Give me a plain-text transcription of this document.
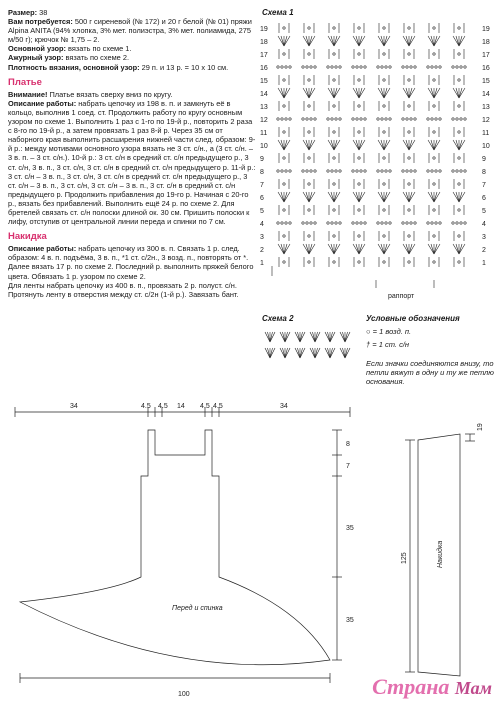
Размер: 38

Вам потребуется: 500 г сиреневой (№ 172) и 20 г белой (№ 01) пряжи Alpina ANITA (94% хлопка, 3% мет. полиэстра, 3% мет. полиамида, 275 м/50 г); крючок № 1,75 – 2.

Основной узор: вязать по схеме 1.

Ажурный узор: вязать по схеме 2.

Плотность вязания, основной узор: 29 п. и 13 р. = 10 х 10 см.

Платье

Внимание! Платье вязать сверху вниз по кругу.

Описание работы: набрать цепочку из 198 в. п. и замкнуть её в кольцо, выполнив 1 соед. ст. Продолжить работу по кругу основным узором по схеме 1. Выполнить 1 раз с 1-го по 19-й р., повторить 2 раза с 8-го по 19-й р., а затем провязать 1 раз 8-й р. Через 35 см от наборного края выполнить расширения нижней части след. образом: 9-й р.: между мотивами основного узора вязать не 3 ст. с/н., а (3 ст. с/н. – 3 в. п. – 3 ст. с/н.). 10-й р.: 3 ст. с/н в средний ст. с/н предыдущего р., 3 ст. с/н, 3 в. п., 3 ст. с/н, 3 ст. с/н в средний ст. с/н предыдущего р. 11-й р.: 3 ст. с/н – 3 в. п., 3 ст. с/н, 3 ст. с/н в средний ст. с/н предыдущего р., 3 ст. с/н – 3 в. п., 3 ст. с/н, 3 ст. с/н – 3 в. п., 3 ст. с/н в средний ст. с/н предыдущего р. Продолжить прибавления до 19-го р. Начиная с 20-го р., вязать без прибавлений. Выполнить ещё 24 р. по схеме 2. Для бретелей связать ст. с/н полоски длиной ок. 30 см. Пришить полоски к лифу, отступив от центральной линии переда и спинки по 7 см.

Накидка

Описание работы: набрать цепочку из 300 в. п. Связать 1 р. след. образом: 4 в. п. подъёма, 3 в. п., *1 ст. с/2н., 3 возд. п., повторять от *. Далее вязать 17 р. по схеме 2. Последний р. выполнить пряжей белого цвета. Обвязать 1 р. узором по схеме 2.

Для ленты набрать цепочку из 400 в. п., провязать 2 р. полуст. с/н. Протянуть ленту в отверстия между ст. с/2н (1-й р.). Завязать бант.

Схема 1
19	19
18	18
17	17
16	16
15	15
14	14
13	13
12	12
11	11
10	10
9	9
8	8
7	7
6	6
5	5
4	4
3	3
2	2
1	1
раппорт
Схема 2	Условные обозначения
○ = 1 возд. п.
† = 1 ст. с/н
Если значки соединяются внизу, то петли вяжут в одну и ту же петлю основания.
34	4.5 4.5 14 4.5 4.5	34
8
7
35
35
100
Перед и спинка
19
125	Накидка
Страна Мам
